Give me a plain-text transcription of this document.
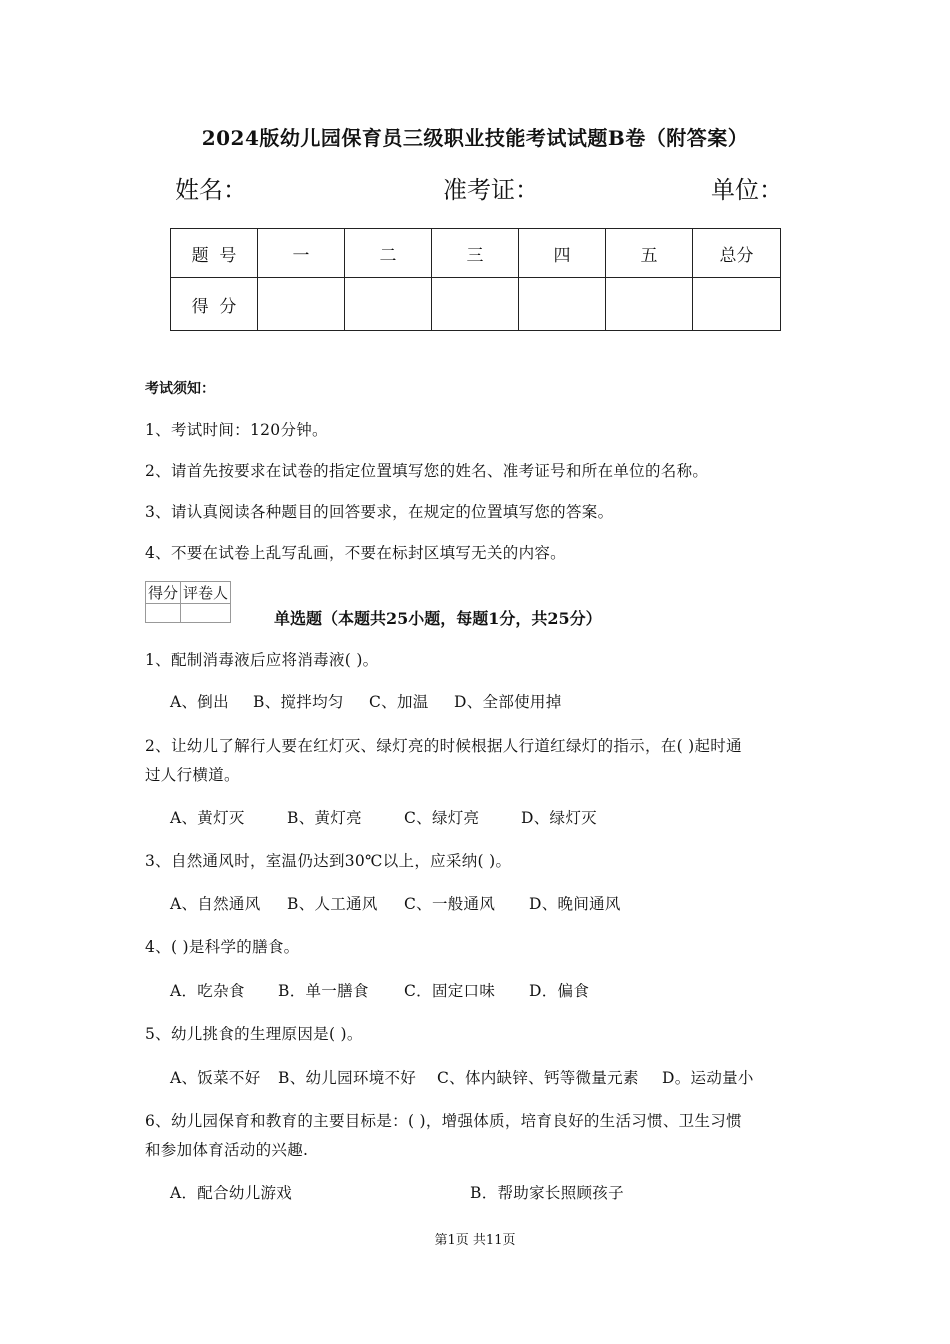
2024版幼儿园保育员三级职业技能考试试题B卷（附答案）
姓名：	准考证：	单位：
题  号	一	二	三	四	五	总分
得  分						
考试须知：
1、考试时间：120分钟。
2、请首先按要求在试卷的指定位置填写您的姓名、准考证号和所在单位的名称。
3、请认真阅读各种题目的回答要求，在规定的位置填写您的答案。
4、不要在试卷上乱写乱画，不要在标封区填写无关的内容。
得分	评卷人

单选题（本题共25小题，每题1分，共25分）
1、配制消毒液后应将消毒液( )。
A、倒出 B、搅拌均匀 C、加温 D、全部使用掉
2、让幼儿了解行人要在红灯灭、绿灯亮的时候根据人行道红绿灯的指示，在( )起时通
过人行横道。
A、黄灯灭	B、黄灯亮	C、绿灯亮	D、绿灯灭
3、自然通风时，室温仍达到30℃以上，应采纳( )。
A、自然通风 B、人工通风 C、一般通风 D、晚间通风
4、( )是科学的膳食。
A．吃杂食 B．单一膳食 C．固定口味 D．偏食
5、幼儿挑食的生理原因是( )。
A、饭菜不好 B、幼儿园环境不好 C、体内缺锌、钙等微量元素 D。运动量小
6、幼儿园保育和教育的主要目标是：( )，增强体质，培育良好的生活习惯、卫生习惯
和参加体育活动的兴趣.
A．配合幼儿游戏	B．帮助家长照顾孩子
第1页 共11页
